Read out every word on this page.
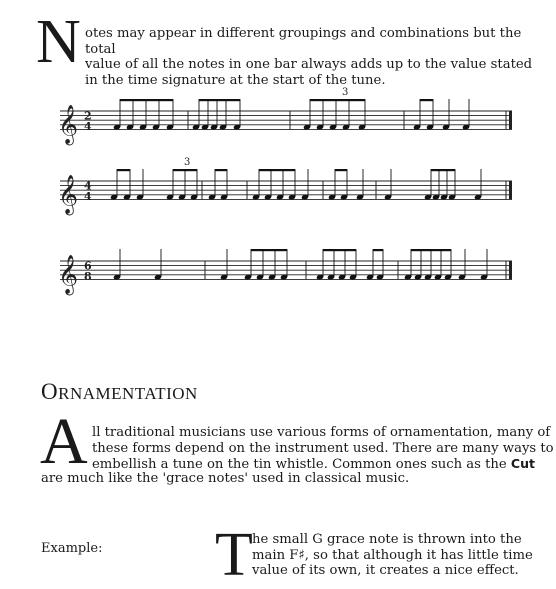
N otes may appear in different groupings and combinations but the total
value of all the notes in one bar always adds up to the value stated
in the time signature at the start of the tune.
𝄞 2
4
3
𝄞 4
4
3
𝄞 6
8
ORNAMENTATION
A ll traditional musicians use various forms of ornamentation, many of
these forms depend on the instrument used. There are many ways to
embellish a tune on the tin whistle. Common ones such as the Cut
are much like the 'grace notes' used in classical music.
Example: T he small G grace note is thrown into the
main F♯, so that although it has little time
value of its own, it creates a nice effect.
